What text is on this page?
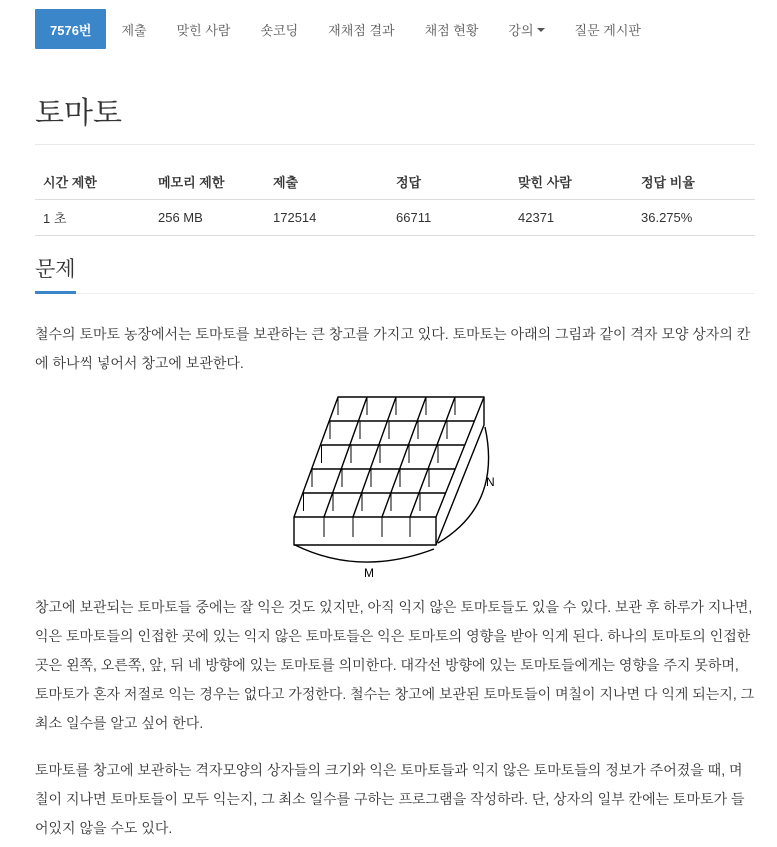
7576번 제출 맞힌 사람 숏코딩 재채점 결과 채점 현황 강의	질문 게시판
토마토
시간 제한	메모리 제한	제출	정답	맞힌 사람	정답 비율
1 초	256 MB	172514	66711	42371	36.275%
문제

철수의 토마토 농장에서는 토마토를 보관하는 큰 창고를 가지고 있다. 토마토는 아래의 그림과 같이 격자 모양 상자의 칸에 하나씩 넣어서 창고에 보관한다.

M
N

창고에 보관되는 토마토들 중에는 잘 익은 것도 있지만, 아직 익지 않은 토마토들도 있을 수 있다. 보관 후 하루가 지나면, 익은 토마토들의 인접한 곳에 있는 익지 않은 토마토들은 익은 토마토의 영향을 받아 익게 된다. 하나의 토마토의 인접한 곳은 왼쪽, 오른쪽, 앞, 뒤 네 방향에 있는 토마토를 의미한다. 대각선 방향에 있는 토마토들에게는 영향을 주지 못하며, 토마토가 혼자 저절로 익는 경우는 없다고 가정한다. 철수는 창고에 보관된 토마토들이 며칠이 지나면 다 익게 되는지, 그 최소 일수를 알고 싶어 한다.

토마토를 창고에 보관하는 격자모양의 상자들의 크기와 익은 토마토들과 익지 않은 토마토들의 정보가 주어졌을 때, 며칠이 지나면 토마토들이 모두 익는지, 그 최소 일수를 구하는 프로그램을 작성하라. 단, 상자의 일부 칸에는 토마토가 들어있지 않을 수도 있다.
